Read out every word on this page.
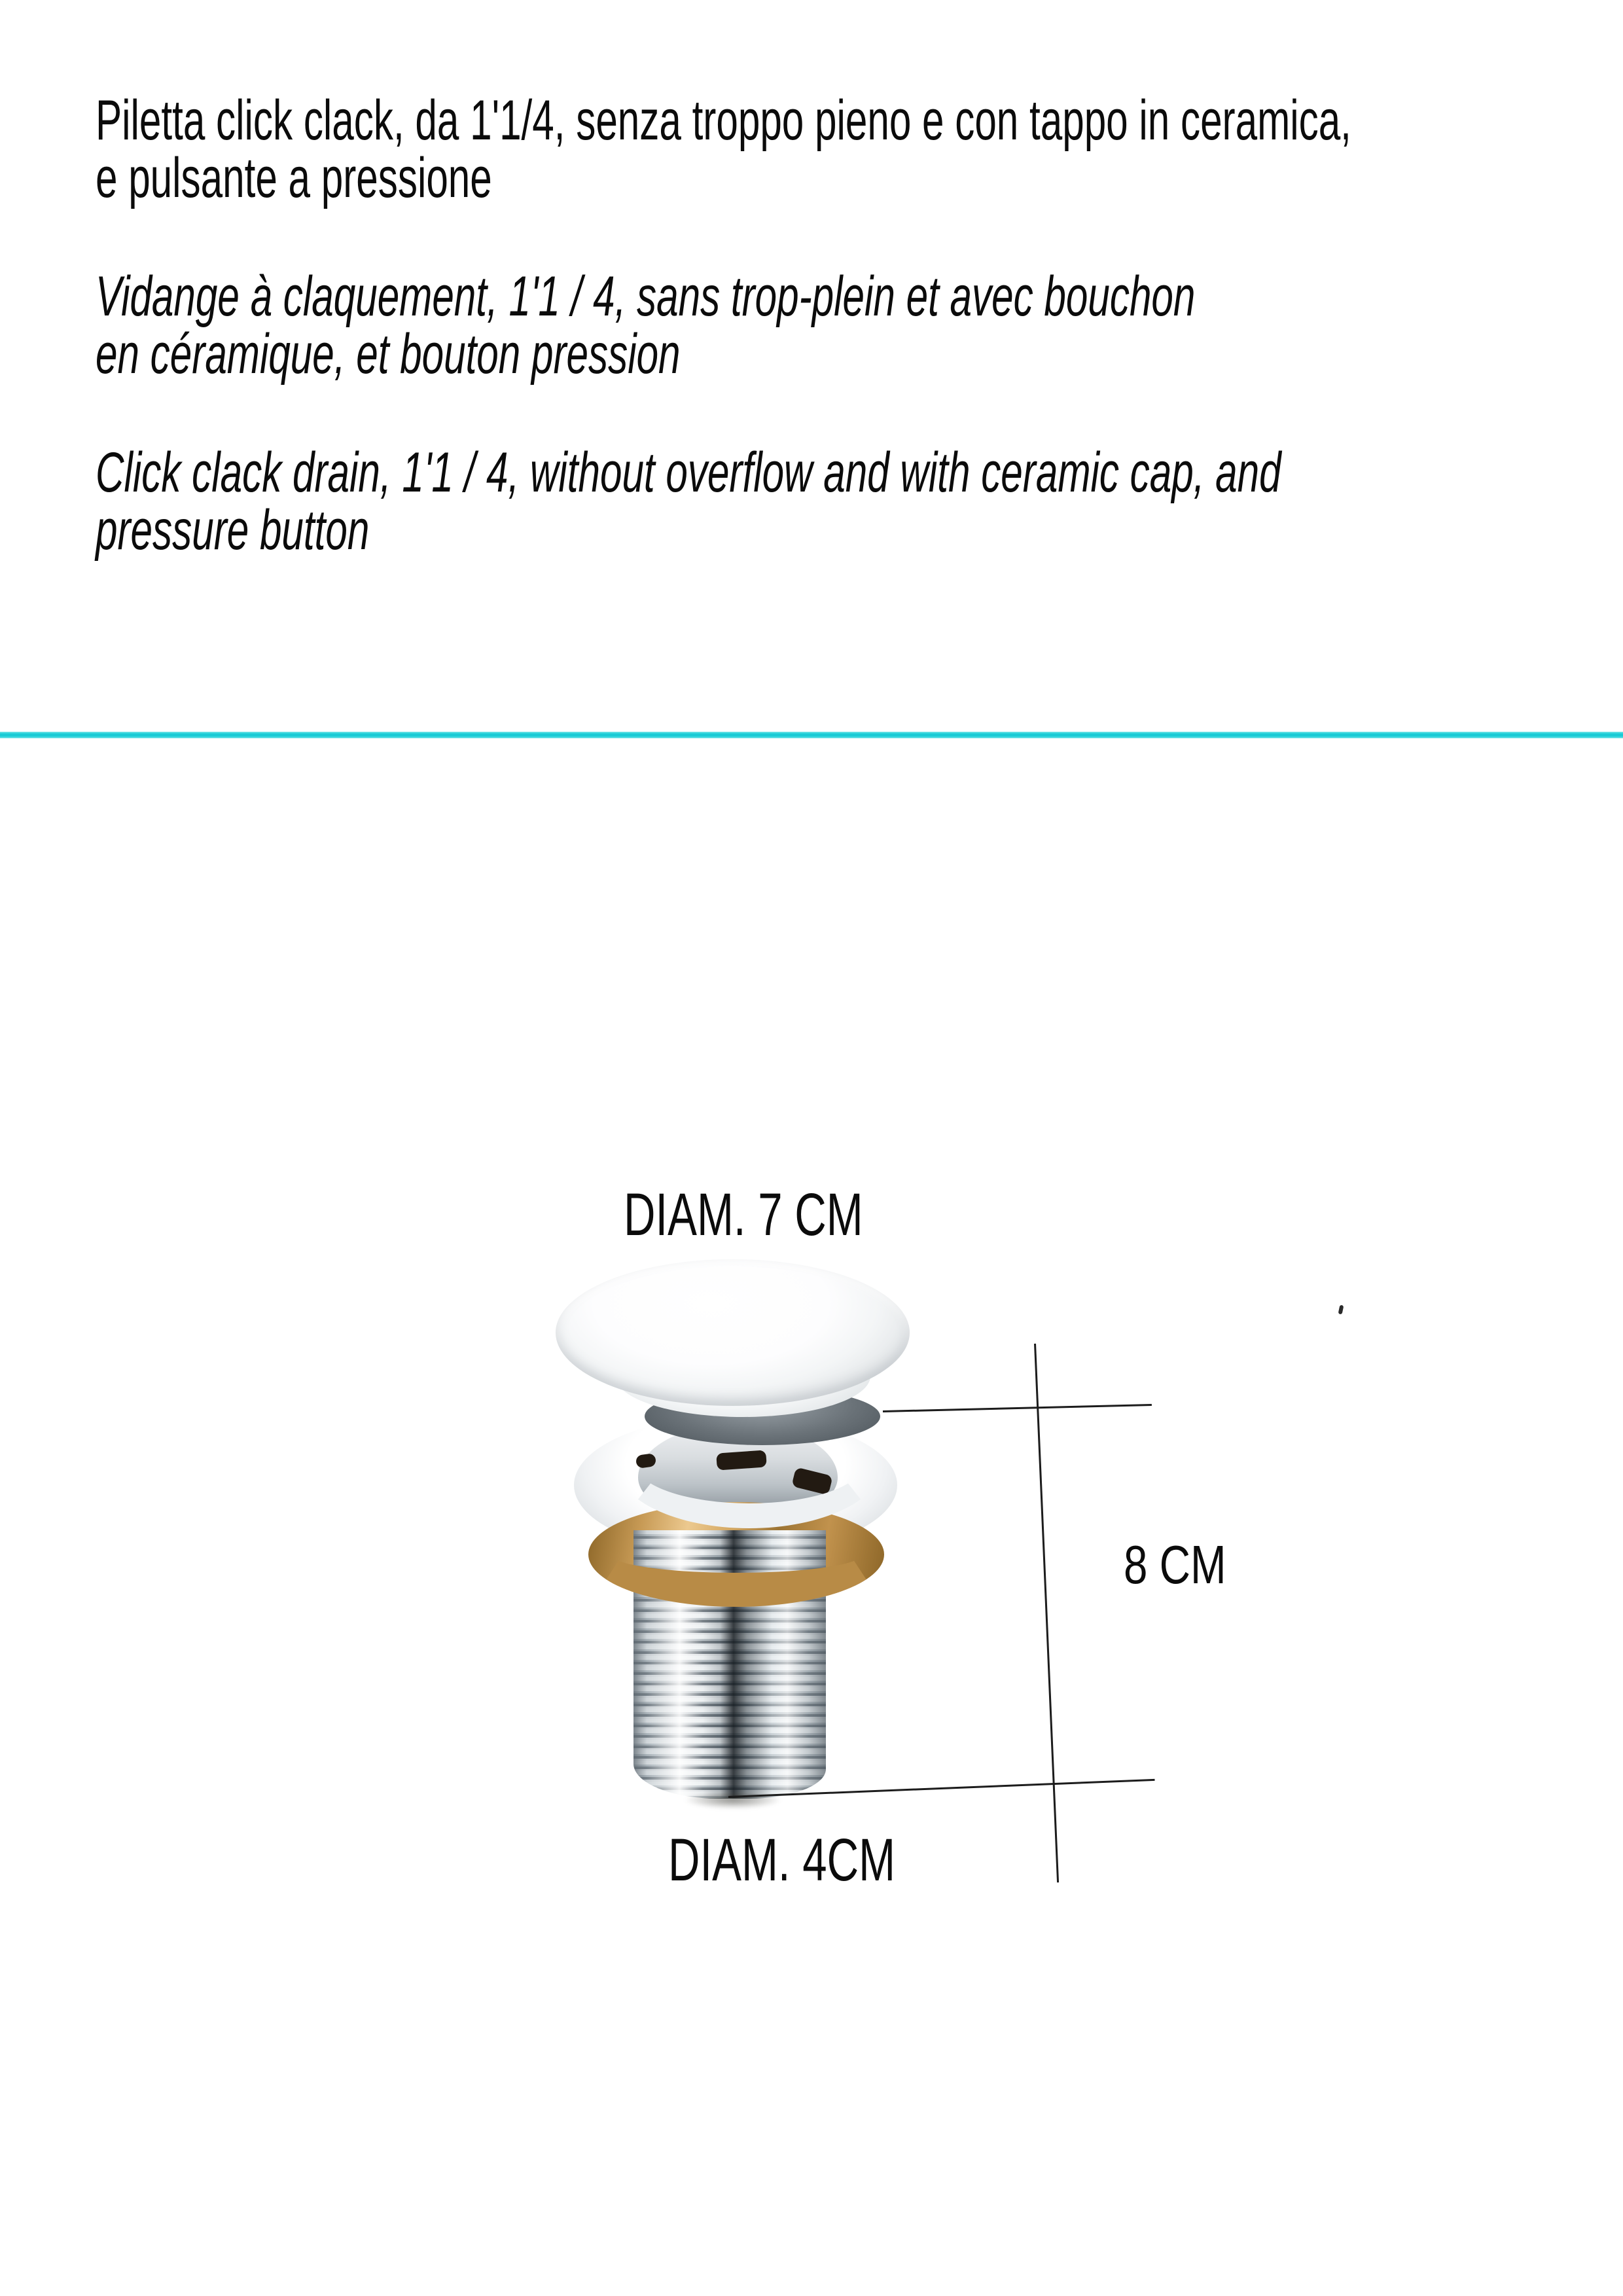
Piletta click clack, da 1'1/4, senza troppo pieno e con tappo in ceramica,
e pulsante a pressione
Vidange à claquement, 1'1 / 4, sans trop-plein et avec bouchon
en céramique, et bouton pression
Click clack drain, 1'1 / 4, without overflow and with ceramic cap, and
pressure button
DIAM. 7 CM
8 CM
DIAM. 4CM
